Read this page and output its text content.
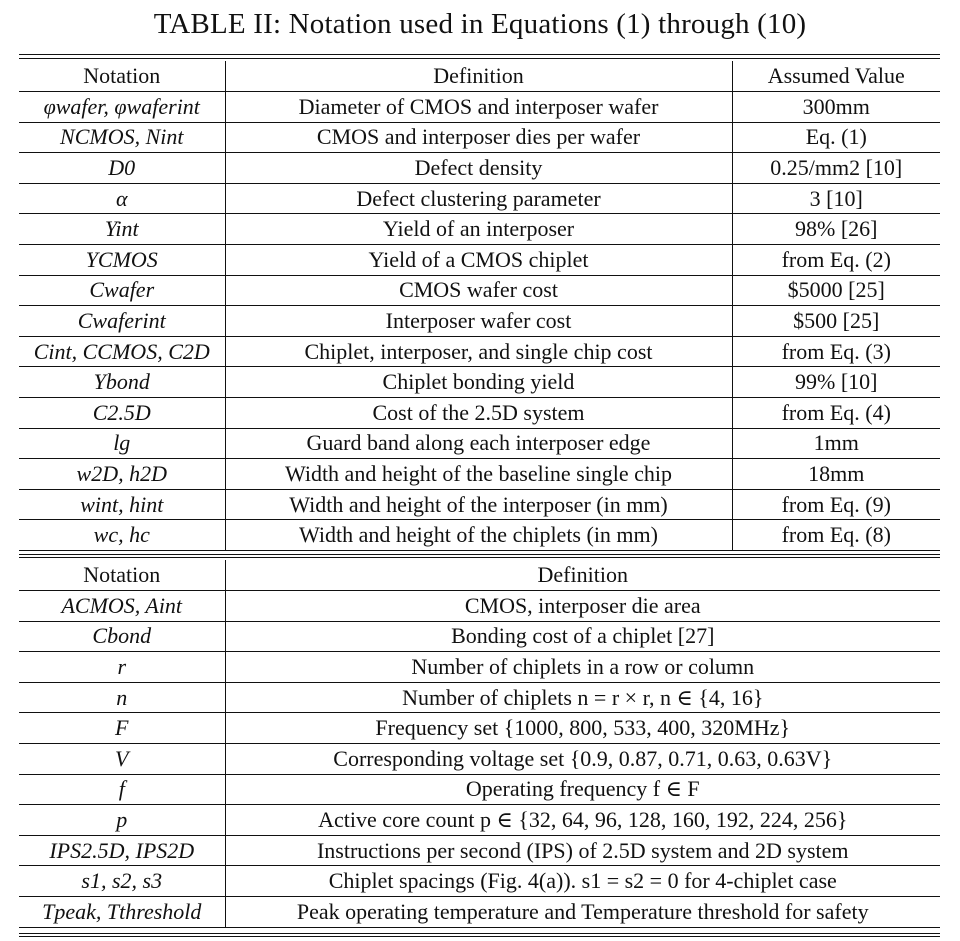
TABLE II: Notation used in Equations (1) through (10)
Notation	Definition	Assumed Value
φwafer, φwaferint	Diameter of CMOS and interposer wafer	300mm
NCMOS, Nint	CMOS and interposer dies per wafer	Eq. (1)
D0	Defect density	0.25/mm2 [10]
α	Defect clustering parameter	3 [10]
Yint	Yield of an interposer	98% [26]
YCMOS	Yield of a CMOS chiplet	from Eq. (2)
Cwafer	CMOS wafer cost	$5000 [25]
Cwaferint	Interposer wafer cost	$500 [25]
Cint, CCMOS, C2D	Chiplet, interposer, and single chip cost	from Eq. (3)
Ybond	Chiplet bonding yield	99% [10]
C2.5D	Cost of the 2.5D system	from Eq. (4)
lg	Guard band along each interposer edge	1mm
w2D, h2D	Width and height of the baseline single chip	18mm
wint, hint	Width and height of the interposer (in mm)	from Eq. (9)
wc, hc	Width and height of the chiplets (in mm)	from Eq. (8)
Notation	Definition
ACMOS, Aint	CMOS, interposer die area
Cbond	Bonding cost of a chiplet [27]
r	Number of chiplets in a row or column
n	Number of chiplets n = r × r, n ∈ {4, 16}
F	Frequency set {1000, 800, 533, 400, 320MHz}
V	Corresponding voltage set {0.9, 0.87, 0.71, 0.63, 0.63V}
f	Operating frequency f ∈ F
p	Active core count p ∈ {32, 64, 96, 128, 160, 192, 224, 256}
IPS2.5D, IPS2D	Instructions per second (IPS) of 2.5D system and 2D system
s1, s2, s3	Chiplet spacings (Fig. 4(a)). s1 = s2 = 0 for 4-chiplet case
Tpeak, Tthreshold	Peak operating temperature and Temperature threshold for safety
